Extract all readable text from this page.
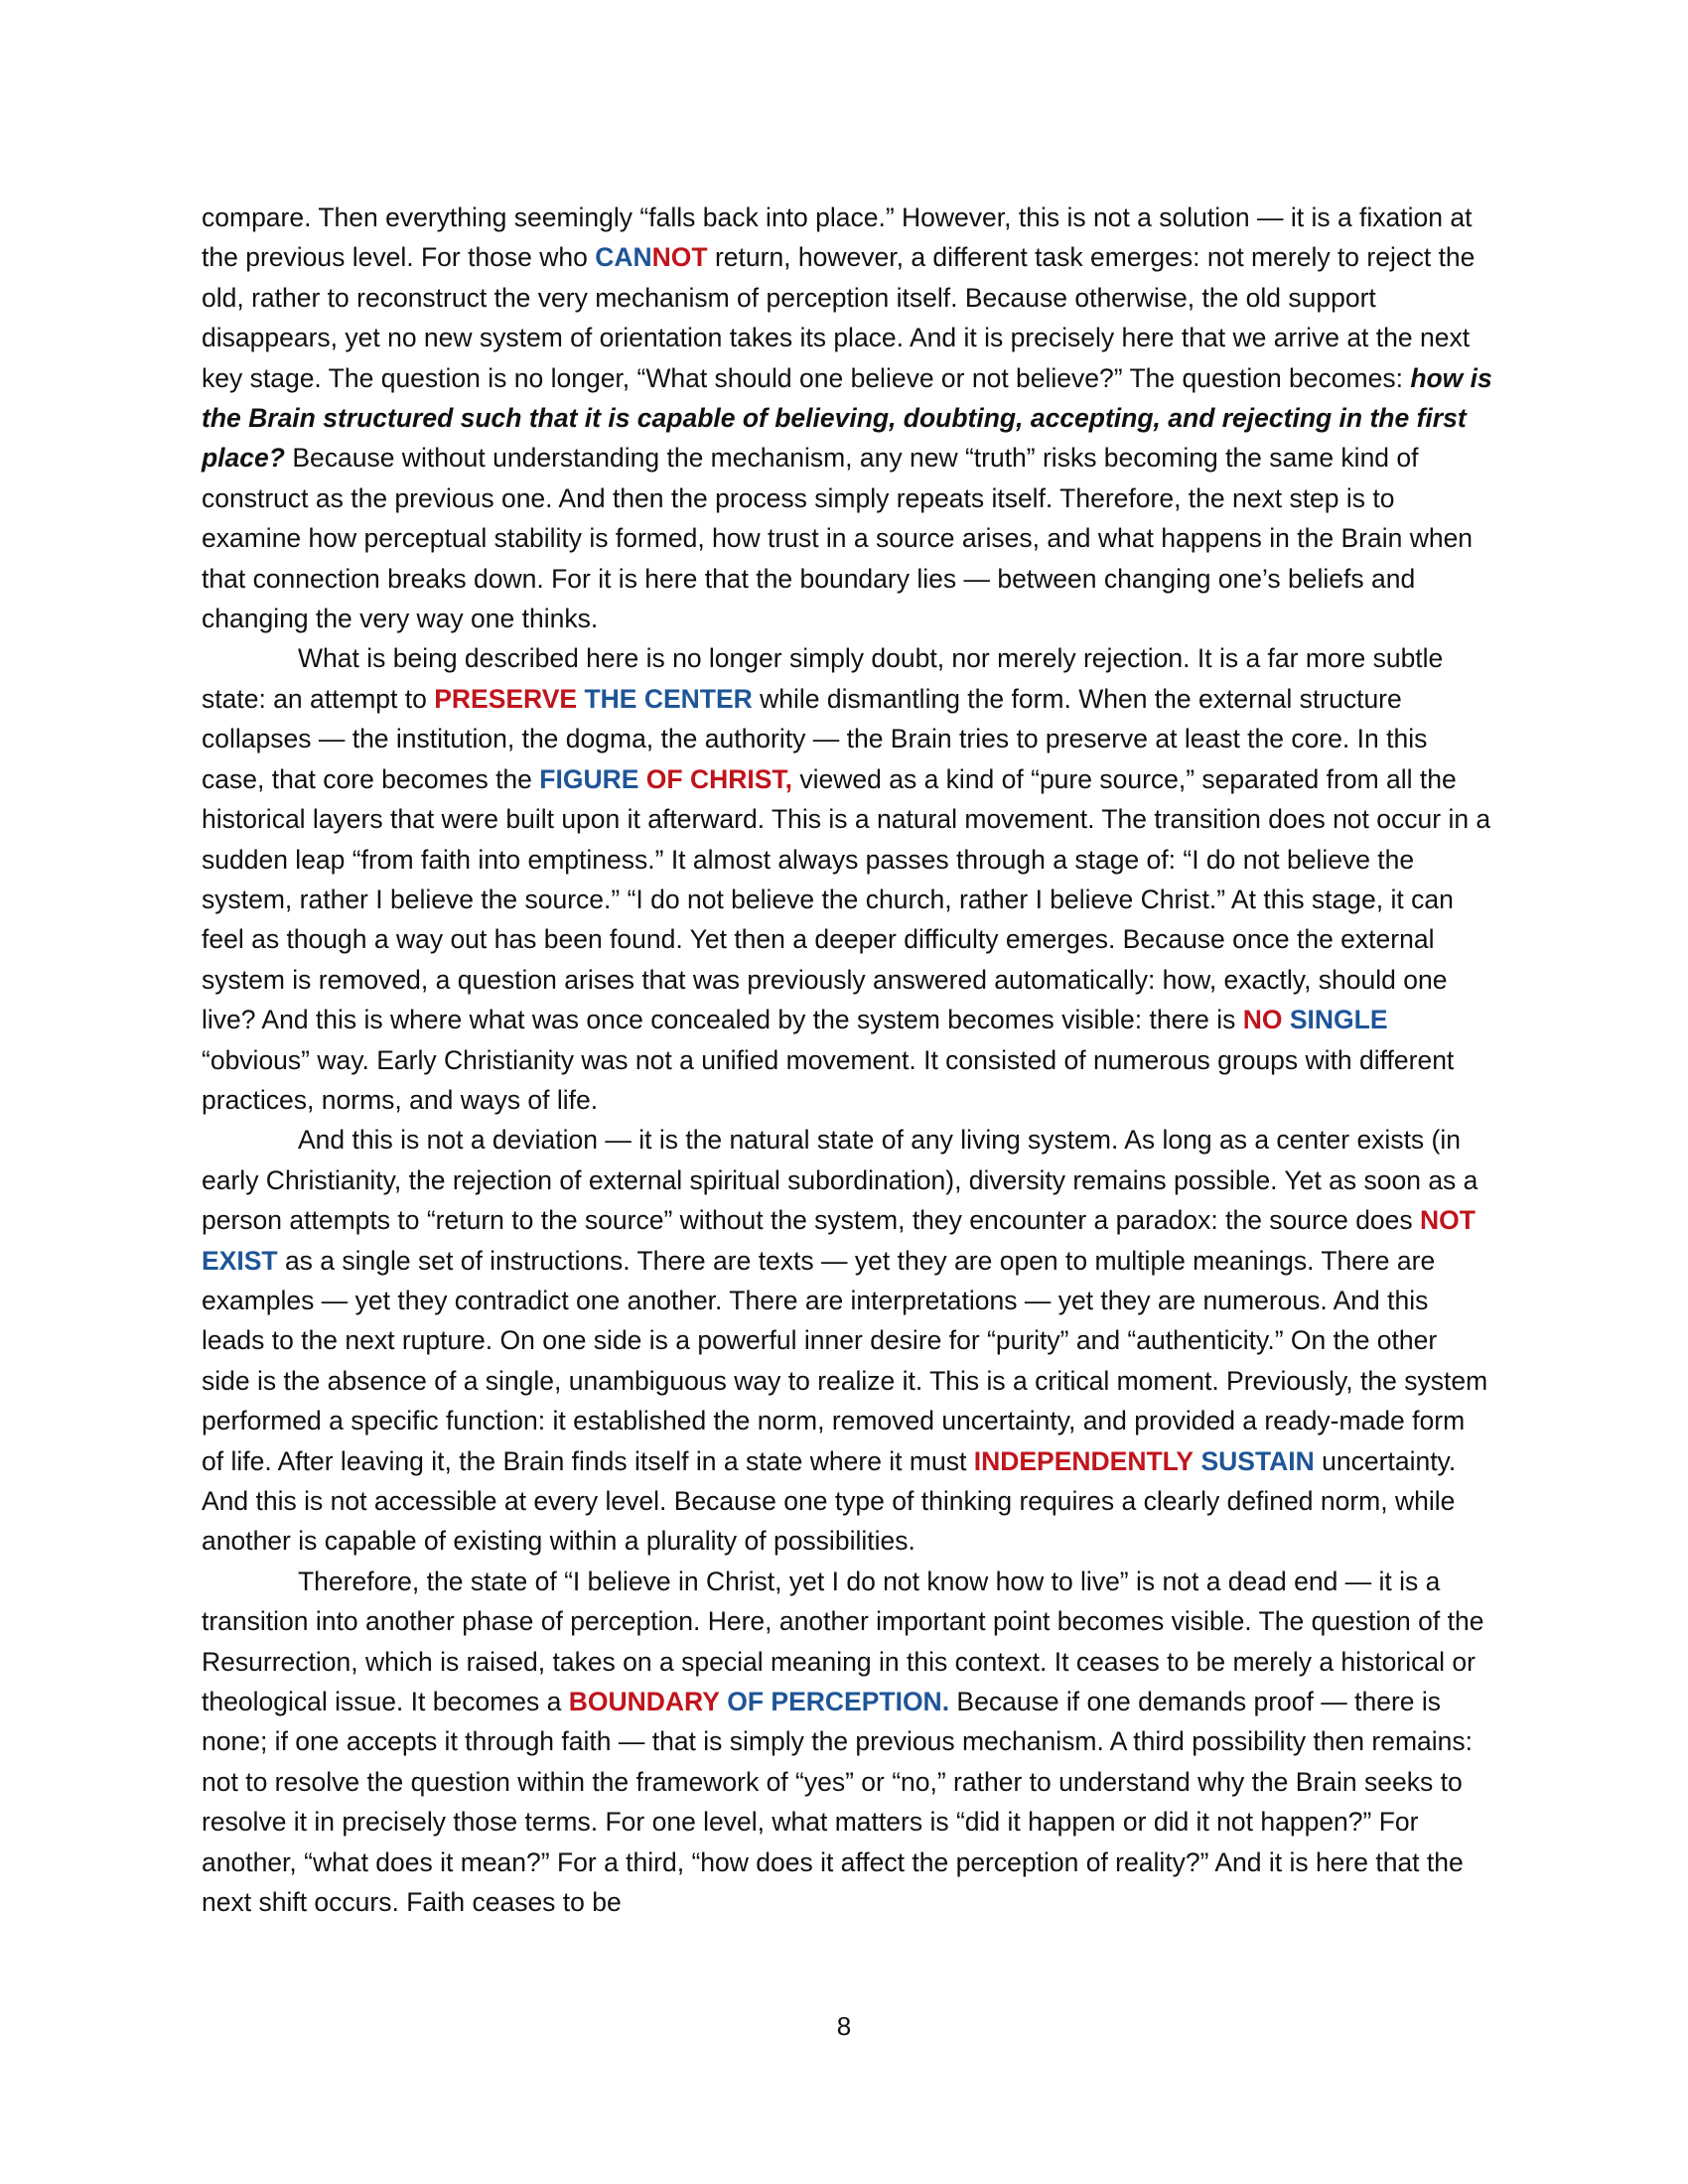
compare. Then everything seemingly “falls back into place.” However, this is not a solution — it is a fixation at the previous level. For those who CANNOT return, however, a different task emerges: not merely to reject the old, rather to reconstruct the very mechanism of perception itself. Because otherwise, the old support disappears, yet no new system of orientation takes its place. And it is precisely here that we arrive at the next key stage. The question is no longer, “What should one believe or not believe?” The question becomes: how is the Brain structured such that it is capable of believing, doubting, accepting, and rejecting in the first place? Because without understanding the mechanism, any new “truth” risks becoming the same kind of construct as the previous one. And then the process simply repeats itself. Therefore, the next step is to examine how perceptual stability is formed, how trust in a source arises, and what happens in the Brain when that connection breaks down. For it is here that the boundary lies — between changing one’s beliefs and changing the very way one thinks.

What is being described here is no longer simply doubt, nor merely rejection. It is a far more subtle state: an attempt to PRESERVE THE CENTER while dismantling the form. When the external structure collapses — the institution, the dogma, the authority — the Brain tries to preserve at least the core. In this case, that core becomes the FIGURE OF CHRIST, viewed as a kind of “pure source,” separated from all the historical layers that were built upon it afterward. This is a natural movement. The transition does not occur in a sudden leap “from faith into emptiness.” It almost always passes through a stage of: “I do not believe the system, rather I believe the source.” “I do not believe the church, rather I believe Christ.” At this stage, it can feel as though a way out has been found. Yet then a deeper difficulty emerges. Because once the external system is removed, a question arises that was previously answered automatically: how, exactly, should one live? And this is where what was once concealed by the system becomes visible: there is NO SINGLE “obvious” way. Early Christianity was not a unified movement. It consisted of numerous groups with different practices, norms, and ways of life.

And this is not a deviation — it is the natural state of any living system. As long as a center exists (in early Christianity, the rejection of external spiritual subordination), diversity remains possible. Yet as soon as a person attempts to “return to the source” without the system, they encounter a paradox: the source does NOT EXIST as a single set of instructions. There are texts — yet they are open to multiple meanings. There are examples — yet they contradict one another. There are interpretations — yet they are numerous. And this leads to the next rupture. On one side is a powerful inner desire for “purity” and “authenticity.” On the other side is the absence of a single, unambiguous way to realize it. This is a critical moment. Previously, the system performed a specific function: it established the norm, removed uncertainty, and provided a ready-made form of life. After leaving it, the Brain finds itself in a state where it must INDEPENDENTLY SUSTAIN uncertainty. And this is not accessible at every level. Because one type of thinking requires a clearly defined norm, while another is capable of existing within a plurality of possibilities.

Therefore, the state of “I believe in Christ, yet I do not know how to live” is not a dead end — it is a transition into another phase of perception. Here, another important point becomes visible. The question of the Resurrection, which is raised, takes on a special meaning in this context. It ceases to be merely a historical or theological issue. It becomes a BOUNDARY OF PERCEPTION. Because if one demands proof — there is none; if one accepts it through faith — that is simply the previous mechanism. A third possibility then remains: not to resolve the question within the framework of “yes” or “no,” rather to understand why the Brain seeks to resolve it in precisely those terms. For one level, what matters is “did it happen or did it not happen?” For another, “what does it mean?” For a third, “how does it affect the perception of reality?” And it is here that the next shift occurs. Faith ceases to be

8
